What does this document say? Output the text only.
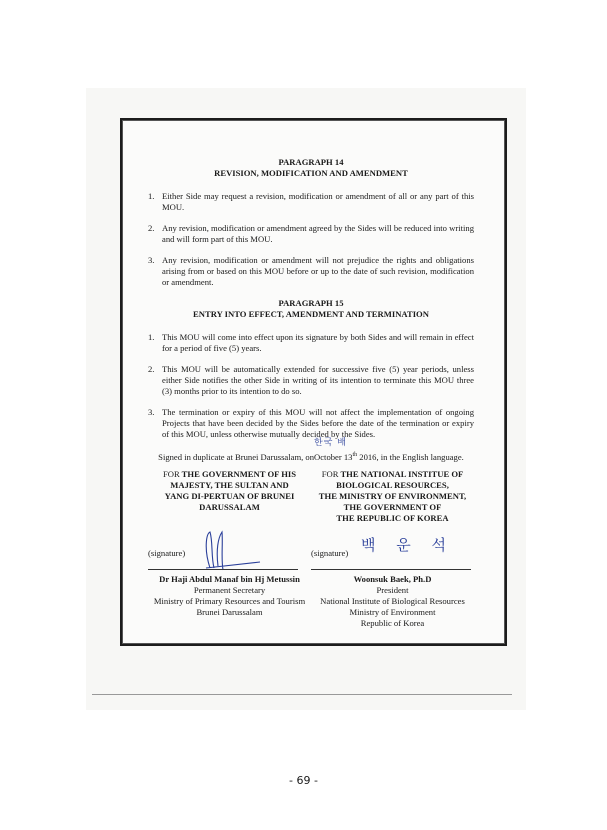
PARAGRAPH 14
REVISION, MODIFICATION AND AMENDMENT
1. Either Side may request a revision, modification or amendment of all or any part of this MOU.
2. Any revision, modification or amendment agreed by the Sides will be reduced into writing and will form part of this MOU.
3. Any revision, modification or amendment will not prejudice the rights and obligations arising from or based on this MOU before or up to the date of such revision, modification or amendment.
PARAGRAPH 15
ENTRY INTO EFFECT, AMENDMENT AND TERMINATION
1. This MOU will come into effect upon its signature by both Sides and will remain in effect for a period of five (5) years.
2. This MOU will be automatically extended for successive five (5) year periods, unless either Side notifies the other Side in writing of its intention to terminate this MOU three (3) months prior to its intention to do so.
3. The termination or expiry of this MOU will not affect the implementation of ongoing Projects that have been decided by the Sides before the date of the termination or expiry of this MOU, unless otherwise mutually decided by the Sides.
한국 배
Signed in duplicate at Brunei Darussalam, onOctober 13th 2016, in the English language.
FOR THE GOVERNMENT OF HIS
MAJESTY, THE SULTAN AND
YANG DI-PERTUAN OF BRUNEI
DARUSSALAM
FOR THE NATIONAL INSTITUE OF
BIOLOGICAL RESOURCES,
THE MINISTRY OF ENVIRONMENT,
THE GOVERNMENT OF
THE REPUBLIC OF KOREA
(signature)	(signature) 백 운 석
Dr Haji Abdul Manaf bin Hj Metussin
Permanent Secretary
Ministry of Primary Resources and Tourism
Brunei Darussalam
Woonsuk Baek, Ph.D
President
National Institute of Biological Resources
Ministry of Environment
Republic of Korea
- 69 -
